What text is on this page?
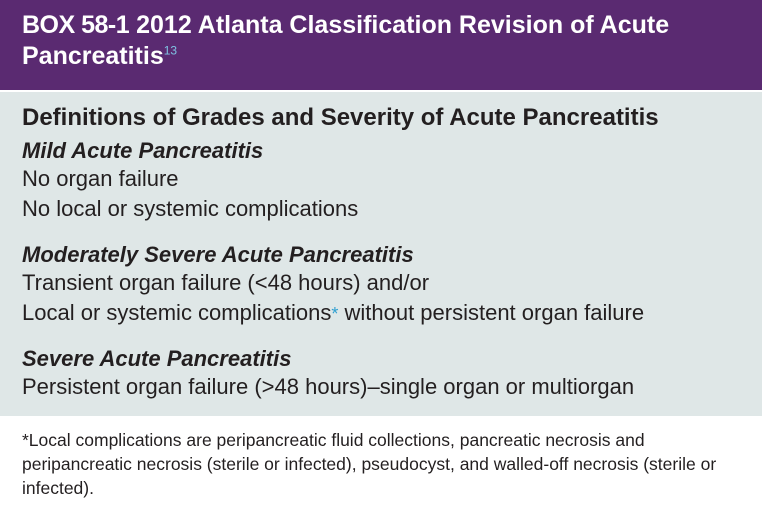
BOX 58-1 2012 Atlanta Classification Revision of Acute Pancreatitis$^{13}$

Definitions of Grades and Severity of Acute Pancreatitis

Mild Acute Pancreatitis

No organ failure

No local or systemic complications

Moderately Severe Acute Pancreatitis

Transient organ failure (<48 hours) and/or

Local or systemic complications* without persistent organ failure

Severe Acute Pancreatitis

Persistent organ failure (>48 hours)–single organ or multiorgan

*Local complications are peripancreatic fluid collections, pancreatic necrosis and peripancreatic necrosis (sterile or infected), pseudocyst, and walled-off necrosis (sterile or infected).
